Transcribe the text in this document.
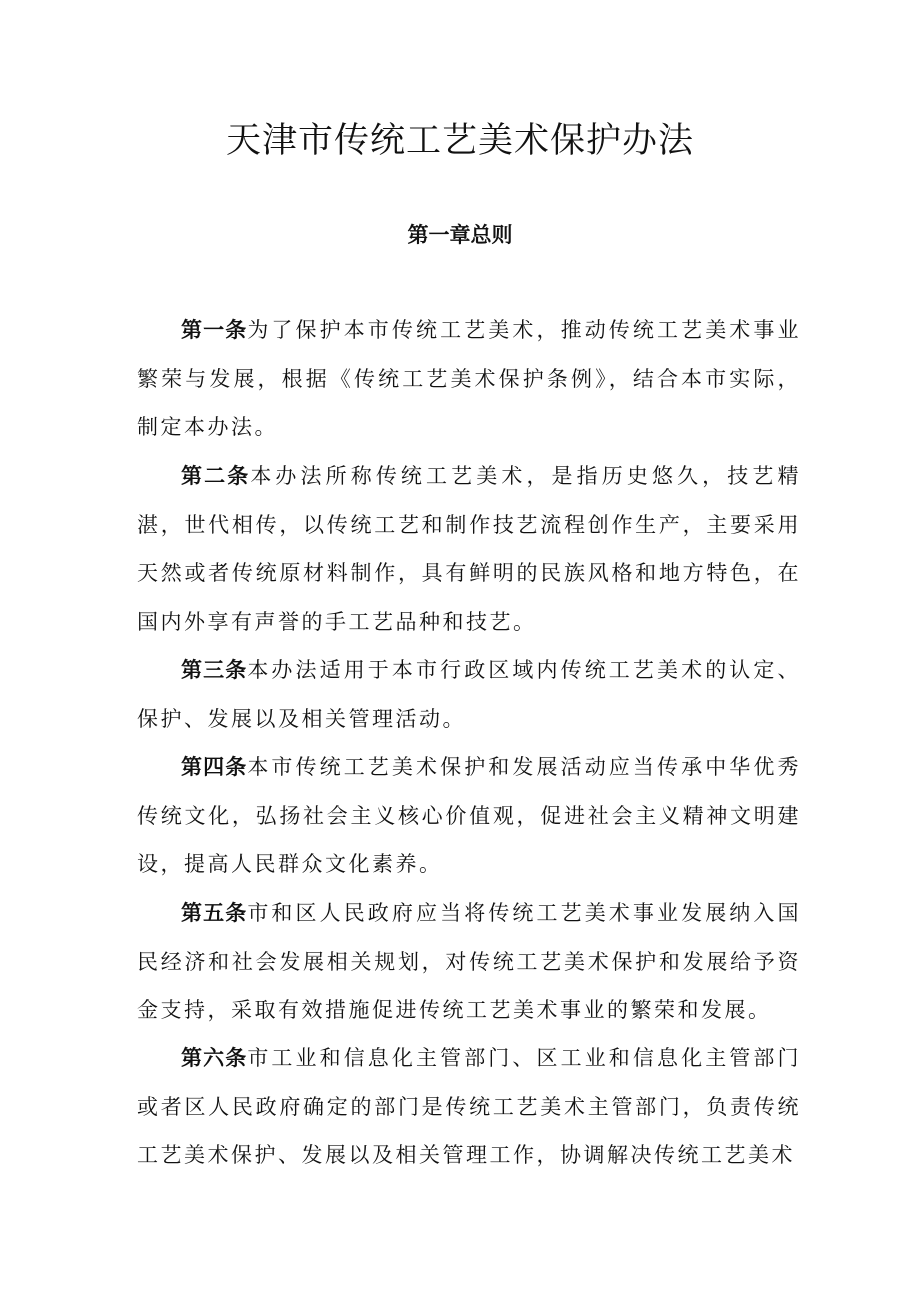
天津市传统工艺美术保护办法
第一章总则

第一条为了保护本市传统工艺美术，推动传统工艺美术事业繁荣与发展，根据《传统工艺美术保护条例》，结合本市实际，制定本办法。

第二条本办法所称传统工艺美术，是指历史悠久，技艺精湛，世代相传，以传统工艺和制作技艺流程创作生产，主要采用天然或者传统原材料制作，具有鲜明的民族风格和地方特色，在国内外享有声誉的手工艺品种和技艺。

第三条本办法适用于本市行政区域内传统工艺美术的认定、保护、发展以及相关管理活动。

第四条本市传统工艺美术保护和发展活动应当传承中华优秀传统文化，弘扬社会主义核心价值观，促进社会主义精神文明建设，提高人民群众文化素养。

第五条市和区人民政府应当将传统工艺美术事业发展纳入国民经济和社会发展相关规划，对传统工艺美术保护和发展给予资金支持，采取有效措施促进传统工艺美术事业的繁荣和发展。

第六条市工业和信息化主管部门、区工业和信息化主管部门或者区人民政府确定的部门是传统工艺美术主管部门，负责传统工艺美术保护、发展以及相关管理工作，协调解决传统工艺美术
